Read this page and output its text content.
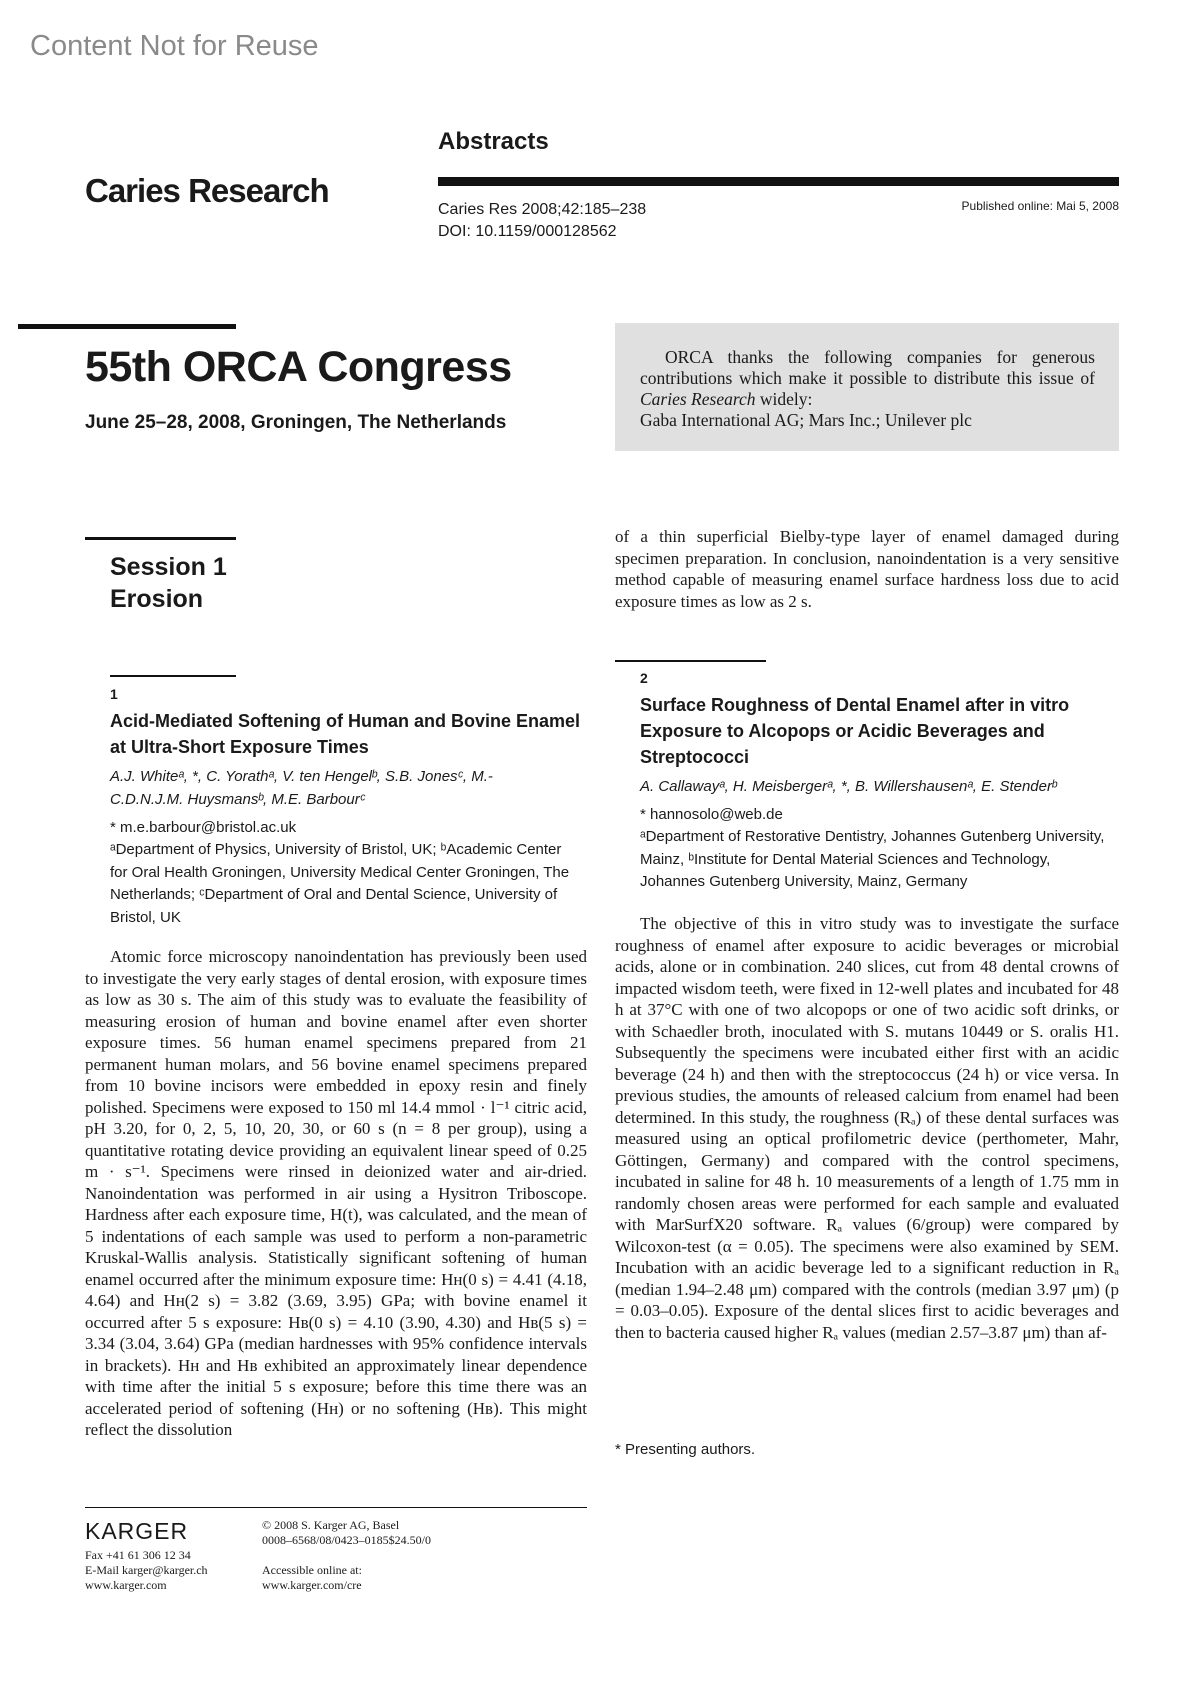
Content Not for Reuse
Caries Research
Abstracts
Caries Res 2008;42:185–238
DOI: 10.1159/000128562
Published online: Mai 5, 2008
55th ORCA Congress
June 25–28, 2008, Groningen, The Netherlands

ORCA thanks the following companies for generous contributions which make it possible to distribute this issue of Caries Research widely:

Gaba International AG; Mars Inc.; Unilever plc

Session 1
Erosion
1
Acid-Mediated Softening of Human and Bovine Enamel at Ultra-Short Exposure Times
A.J. Whiteᵃ, *, C. Yorathᵃ, V. ten Hengelᵇ, S.B. Jonesᶜ, M.-C.D.N.J.M. Huysmansᵇ, M.E. Barbourᶜ
* m.e.barbour@bristol.ac.uk
ᵃDepartment of Physics, University of Bristol, UK; ᵇAcademic Center for Oral Health Groningen, University Medical Center Groningen, The Netherlands; ᶜDepartment of Oral and Dental Science, University of Bristol, UK

Atomic force microscopy nanoindentation has previously been used to investigate the very early stages of dental erosion, with exposure times as low as 30 s. The aim of this study was to evaluate the feasibility of measuring erosion of human and bovine enamel after even shorter exposure times. 56 human enamel specimens prepared from 21 permanent human molars, and 56 bovine enamel specimens prepared from 10 bovine incisors were embedded in epoxy resin and finely polished. Specimens were exposed to 150 ml 14.4 mmol · l⁻¹ citric acid, pH 3.20, for 0, 2, 5, 10, 20, 30, or 60 s (n = 8 per group), using a quantitative rotating device providing an equivalent linear speed of 0.25 m · s⁻¹. Specimens were rinsed in deionized water and air-dried. Nanoindentation was performed in air using a Hysitron Triboscope. Hardness after each exposure time, H(t), was calculated, and the mean of 5 indentations of each sample was used to perform a non-parametric Kruskal-Wallis analysis. Statistically significant softening of human enamel occurred after the minimum exposure time: Hʜ(0 s) = 4.41 (4.18, 4.64) and Hʜ(2 s) = 3.82 (3.69, 3.95) GPa; with bovine enamel it occurred after 5 s exposure: Hʙ(0 s) = 4.10 (3.90, 4.30) and Hʙ(5 s) = 3.34 (3.04, 3.64) GPa (median hardnesses with 95% confidence intervals in brackets). Hʜ and Hʙ exhibited an approximately linear dependence with time after the initial 5 s exposure; before this time there was an accelerated period of softening (Hʜ) or no softening (Hʙ). This might reflect the dissolution

of a thin superficial Bielby-type layer of enamel damaged during specimen preparation. In conclusion, nanoindentation is a very sensitive method capable of measuring enamel surface hardness loss due to acid exposure times as low as 2 s.

2
Surface Roughness of Dental Enamel after in vitro Exposure to Alcopops or Acidic Beverages and Streptococci
A. Callawayᵃ, H. Meisbergerᵃ, *, B. Willershausenᵃ, E. Stenderᵇ
* hannosolo@web.de
ᵃDepartment of Restorative Dentistry, Johannes Gutenberg University, Mainz, ᵇInstitute for Dental Material Sciences and Technology, Johannes Gutenberg University, Mainz, Germany

The objective of this in vitro study was to investigate the surface roughness of enamel after exposure to acidic beverages or microbial acids, alone or in combination. 240 slices, cut from 48 dental crowns of impacted wisdom teeth, were fixed in 12-well plates and incubated for 48 h at 37°C with one of two alcopops or one of two acidic soft drinks, or with Schaedler broth, inoculated with S. mutans 10449 or S. oralis H1. Subsequently the specimens were incubated either first with an acidic beverage (24 h) and then with the streptococcus (24 h) or vice versa. In previous studies, the amounts of released calcium from enamel had been determined. In this study, the roughness (Rₐ) of these dental surfaces was measured using an optical profilometric device (perthometer, Mahr, Göttingen, Germany) and compared with the control specimens, incubated in saline for 48 h. 10 measurements of a length of 1.75 mm in randomly chosen areas were performed for each sample and evaluated with MarSurfX20 software. Rₐ values (6/group) were compared by Wilcoxon-test (α = 0.05). The specimens were also examined by SEM. Incubation with an acidic beverage led to a significant reduction in Rₐ (median 1.94–2.48 μm) compared with the controls (median 3.97 μm) (p = 0.03–0.05). Exposure of the dental slices first to acidic beverages and then to bacteria caused higher Rₐ values (median 2.57–3.87 μm) than af-

* Presenting authors.
KARGER
Fax +41 61 306 12 34
E-Mail karger@karger.ch
www.karger.com
© 2008 S. Karger AG, Basel
0008–6568/08/0423–0185$24.50/0
Accessible online at:
www.karger.com/cre
